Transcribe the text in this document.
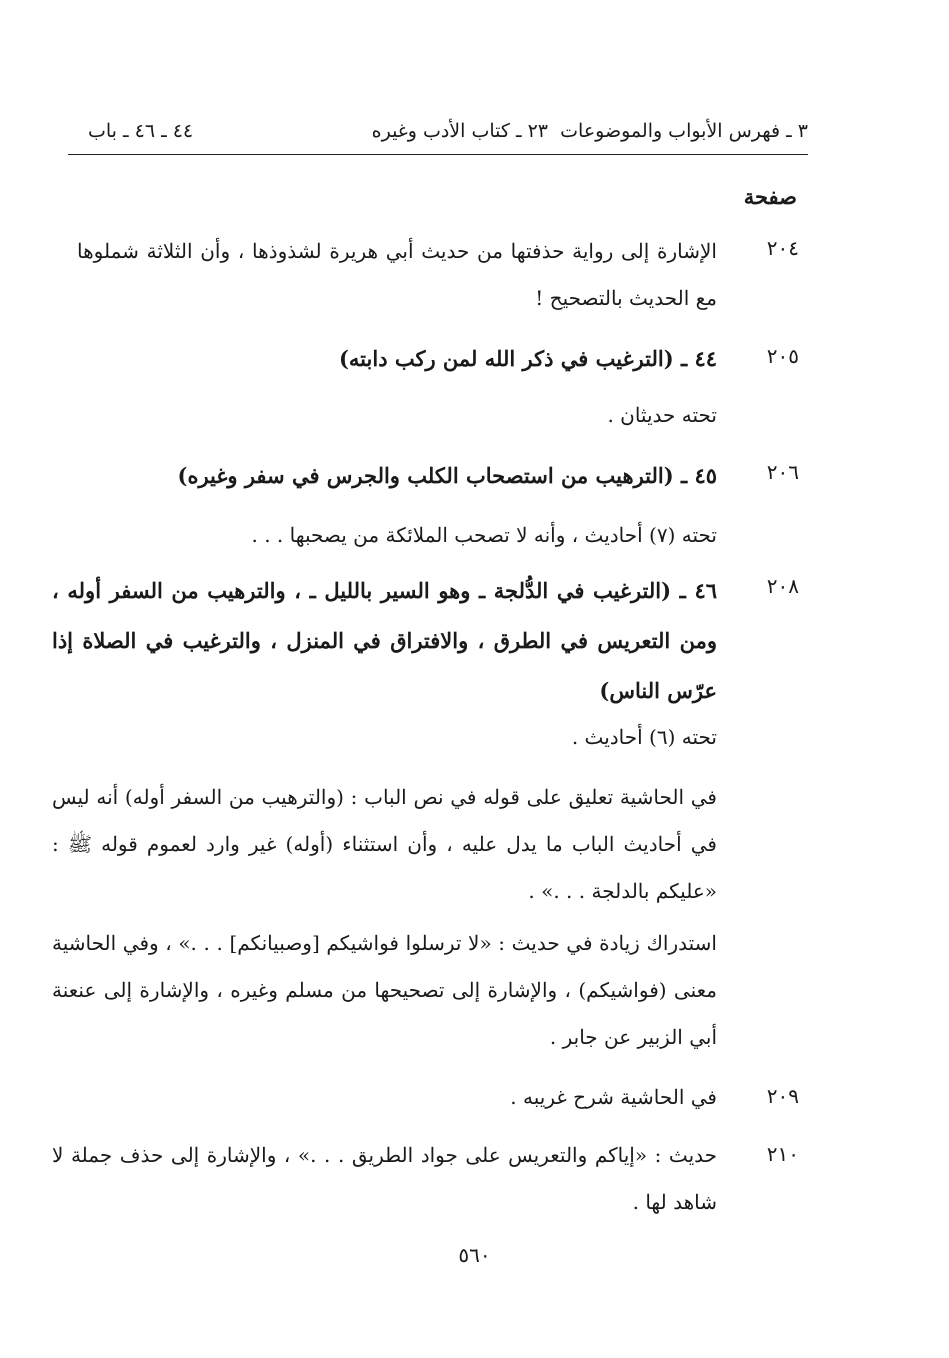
٣ ـ فهرس الأبواب والموضوعات
٢٣ ـ كتاب الأدب وغيره
٤٤ ـ ٤٦ ـ باب
صفحة
٢٠٤
الإشارة إلى رواية حذفتها من حديث أبي هريرة لشذوذها ، وأن الثلاثة شملوها مع الحديث بالتصحيح !
٢٠٥
٤٤ ـ (الترغيب في ذكر الله لمن ركب دابته)
تحته حديثان .
٢٠٦
٤٥ ـ (الترهيب من استصحاب الكلب والجرس في سفر وغيره)
تحته (٧) أحاديث ، وأنه لا تصحب الملائكة من يصحبها . . .
٢٠٨
٤٦ ـ (الترغيب في الدُّلجة ـ وهو السير بالليل ـ ، والترهيب من السفر أوله ، ومن التعريس في الطرق ، والافتراق في المنزل ، والترغيب في الصلاة إذا عرّس الناس)
تحته (٦) أحاديث .
في الحاشية تعليق على قوله في نص الباب : (والترهيب من السفر أوله) أنه ليس في أحاديث الباب ما يدل عليه ، وأن استثناء (أوله) غير وارد لعموم قوله ﷺ : «عليكم بالدلجة . . .» .
استدراك زيادة في حديث : «لا ترسلوا فواشيكم [وصبيانكم] . . .» ، وفي الحاشية معنى (فواشيكم) ، والإشارة إلى تصحيحها من مسلم وغيره ، والإشارة إلى عنعنة أبي الزبير عن جابر .
٢٠٩
في الحاشية شرح غريبه .
٢١٠
حديث : «إياكم والتعريس على جواد الطريق . . .» ، والإشارة إلى حذف جملة لا شاهد لها .
٥٦٠
